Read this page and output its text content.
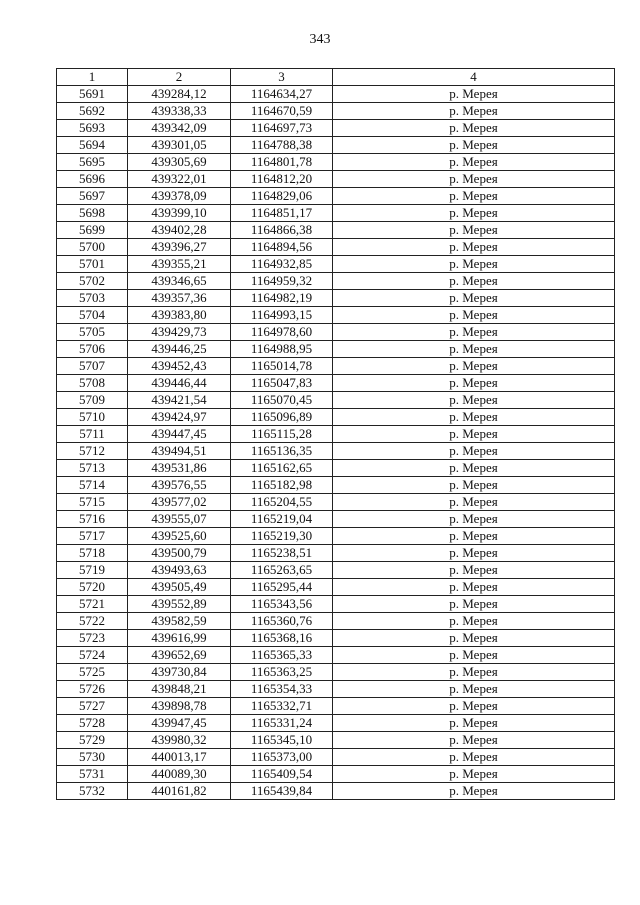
343
1	2	3	4
5691	439284,12	1164634,27	р. Мерея
5692	439338,33	1164670,59	р. Мерея
5693	439342,09	1164697,73	р. Мерея
5694	439301,05	1164788,38	р. Мерея
5695	439305,69	1164801,78	р. Мерея
5696	439322,01	1164812,20	р. Мерея
5697	439378,09	1164829,06	р. Мерея
5698	439399,10	1164851,17	р. Мерея
5699	439402,28	1164866,38	р. Мерея
5700	439396,27	1164894,56	р. Мерея
5701	439355,21	1164932,85	р. Мерея
5702	439346,65	1164959,32	р. Мерея
5703	439357,36	1164982,19	р. Мерея
5704	439383,80	1164993,15	р. Мерея
5705	439429,73	1164978,60	р. Мерея
5706	439446,25	1164988,95	р. Мерея
5707	439452,43	1165014,78	р. Мерея
5708	439446,44	1165047,83	р. Мерея
5709	439421,54	1165070,45	р. Мерея
5710	439424,97	1165096,89	р. Мерея
5711	439447,45	1165115,28	р. Мерея
5712	439494,51	1165136,35	р. Мерея
5713	439531,86	1165162,65	р. Мерея
5714	439576,55	1165182,98	р. Мерея
5715	439577,02	1165204,55	р. Мерея
5716	439555,07	1165219,04	р. Мерея
5717	439525,60	1165219,30	р. Мерея
5718	439500,79	1165238,51	р. Мерея
5719	439493,63	1165263,65	р. Мерея
5720	439505,49	1165295,44	р. Мерея
5721	439552,89	1165343,56	р. Мерея
5722	439582,59	1165360,76	р. Мерея
5723	439616,99	1165368,16	р. Мерея
5724	439652,69	1165365,33	р. Мерея
5725	439730,84	1165363,25	р. Мерея
5726	439848,21	1165354,33	р. Мерея
5727	439898,78	1165332,71	р. Мерея
5728	439947,45	1165331,24	р. Мерея
5729	439980,32	1165345,10	р. Мерея
5730	440013,17	1165373,00	р. Мерея
5731	440089,30	1165409,54	р. Мерея
5732	440161,82	1165439,84	р. Мерея
